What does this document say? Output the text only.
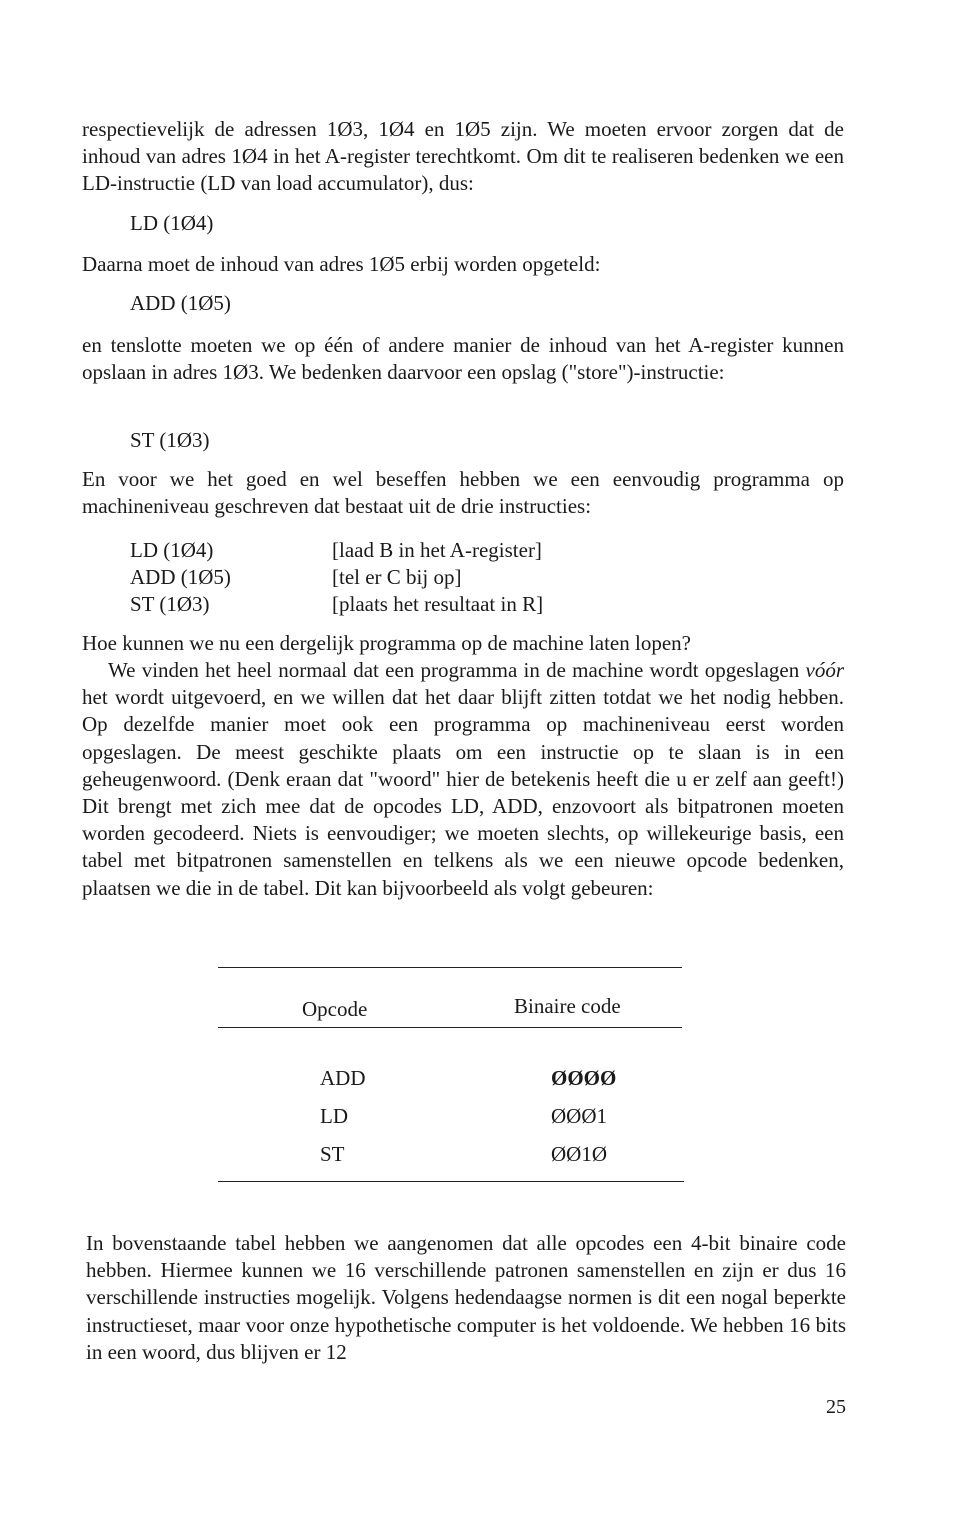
respectievelijk de adressen 1Ø3, 1Ø4 en 1Ø5 zijn. We moeten ervoor zorgen dat de inhoud van adres 1Ø4 in het A-register terechtkomt. Om dit te realiseren bedenken we een LD-instructie (LD van load accumulator), dus:

LD (1Ø4)

Daarna moet de inhoud van adres 1Ø5 erbij worden opgeteld:

ADD (1Ø5)

en tenslotte moeten we op één of andere manier de inhoud van het A-register kunnen opslaan in adres 1Ø3. We bedenken daarvoor een opslag ("store")-instructie:

ST (1Ø3)

En voor we het goed en wel beseffen hebben we een eenvoudig programma op machineniveau geschreven dat bestaat uit de drie instructies:

LD (1Ø4)	[laad B in het A-register]
ADD (1Ø5)	[tel er C bij op]
ST (1Ø3)	[plaats het resultaat in R]

Hoe kunnen we nu een dergelijk programma op de machine laten lopen?

We vinden het heel normaal dat een programma in de machine wordt opgeslagen vóór het wordt uitgevoerd, en we willen dat het daar blijft zitten totdat we het nodig hebben. Op dezelfde manier moet ook een programma op machineniveau eerst worden opgeslagen. De meest geschikte plaats om een instructie op te slaan is in een geheugenwoord. (Denk eraan dat "woord" hier de betekenis heeft die u er zelf aan geeft!) Dit brengt met zich mee dat de opcodes LD, ADD, enzovoort als bitpatronen moeten worden gecodeerd. Niets is eenvoudiger; we moeten slechts, op willekeurige basis, een tabel met bitpatronen samenstellen en telkens als we een nieuwe opcode bedenken, plaatsen we die in de tabel. Dit kan bijvoorbeeld als volgt gebeuren:

Opcode	Binaire code
ADD	ØØØØ
LD	ØØØ1
ST	ØØ1Ø

In bovenstaande tabel hebben we aangenomen dat alle opcodes een 4-bit binaire code hebben. Hiermee kunnen we 16 verschillende patronen samenstellen en zijn er dus 16 verschillende instructies mogelijk. Volgens hedendaagse normen is dit een nogal beperkte instructieset, maar voor onze hypothetische computer is het voldoende. We hebben 16 bits in een woord, dus blijven er 12

25
